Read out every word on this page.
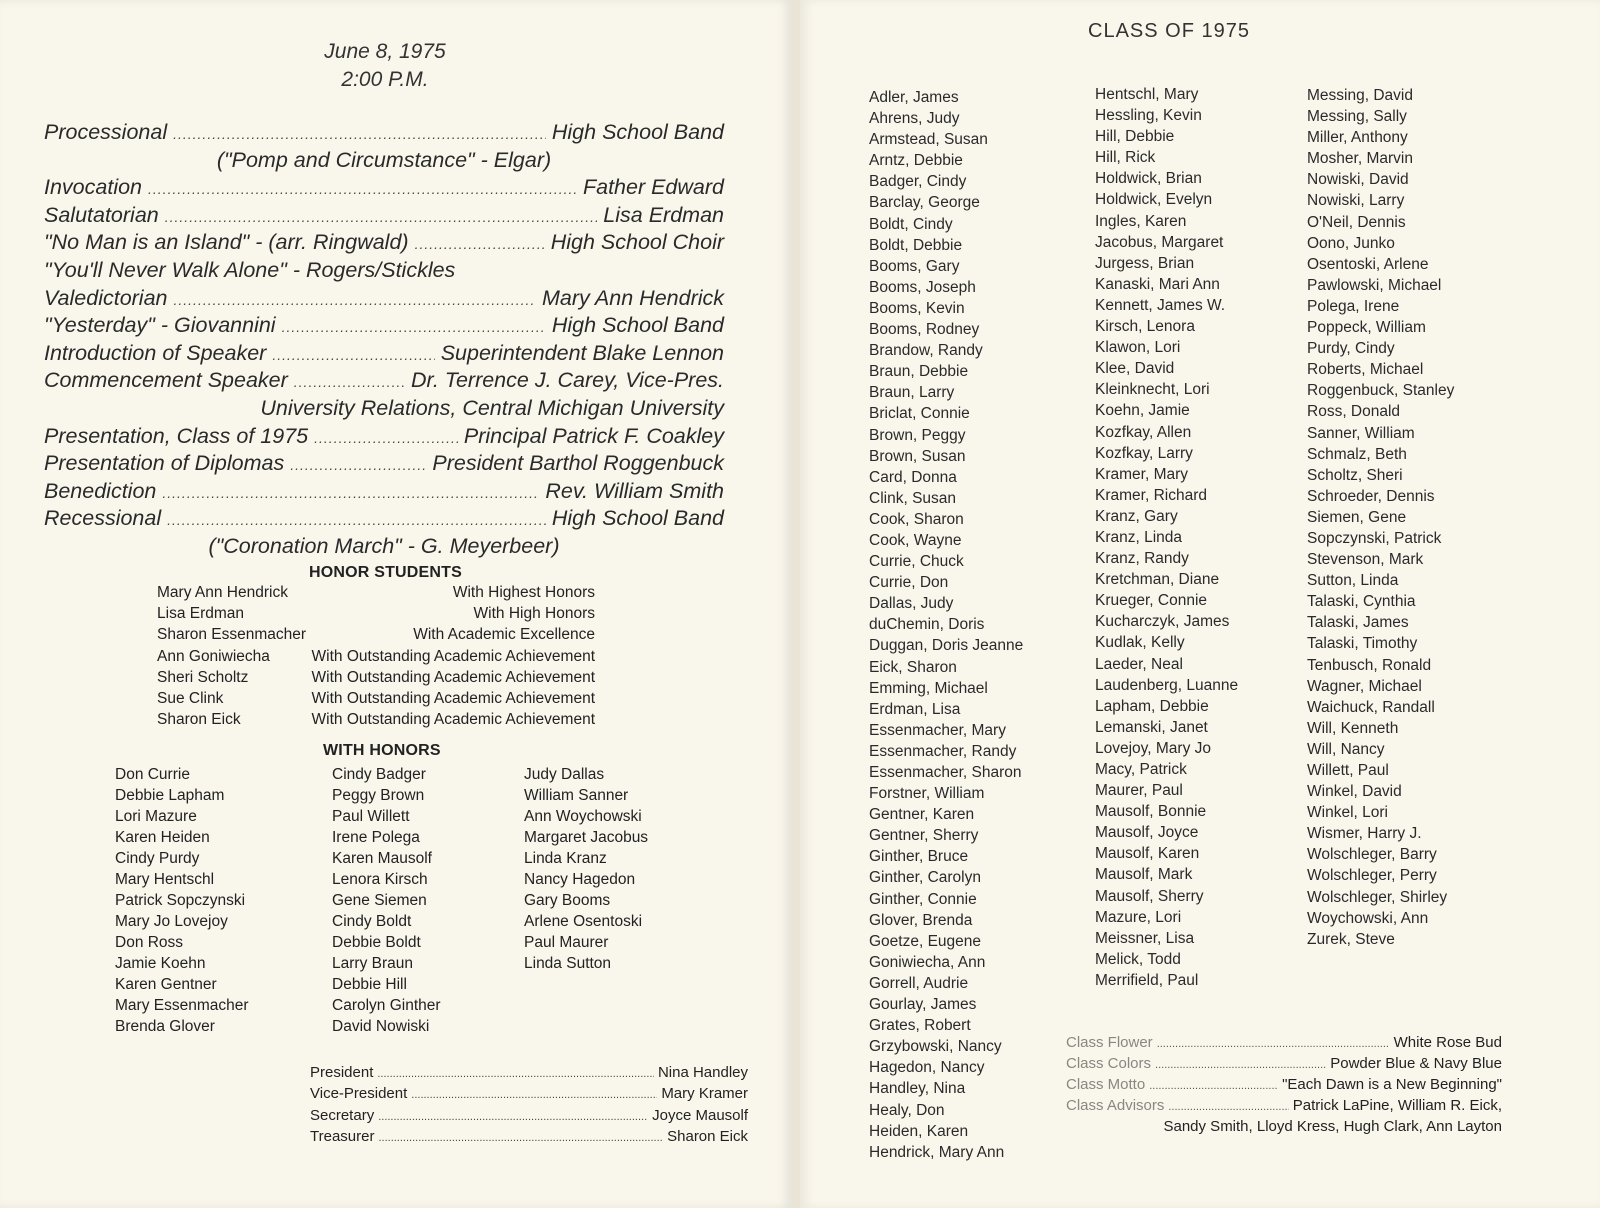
June 8, 1975
2:00 P.M.
Processional .....	High School Band
("Pomp and Circumstance" - Elgar)
Invocation .....	Father Edward
Salutatorian .....	Lisa Erdman
"No Man is an Island" - (arr. Ringwald) .....	High School Choir
"You'll Never Walk Alone" - Rogers/Stickles
Valedictorian .....	Mary Ann Hendrick
"Yesterday" - Giovannini .....	High School Band
Introduction of Speaker .....	Superintendent Blake Lennon
Commencement Speaker .....	Dr. Terrence J. Carey, Vice-Pres.
University Relations, Central Michigan University
Presentation, Class of 1975 .....	Principal Patrick F. Coakley
Presentation of Diplomas .....	President Barthol Roggenbuck
Benediction .....	Rev. William Smith
Recessional .....	High School Band
("Coronation March" - G. Meyerbeer)
HONOR STUDENTS
Mary Ann Hendrick	With Highest Honors
Lisa Erdman	With High Honors
Sharon Essenmacher	With Academic Excellence
Ann Goniwiecha	With Outstanding Academic Achievement
Sheri Scholtz	With Outstanding Academic Achievement
Sue Clink	With Outstanding Academic Achievement
Sharon Eick	With Outstanding Academic Achievement
WITH HONORS
Don Currie
Debbie Lapham
Lori Mazure
Karen Heiden
Cindy Purdy
Mary Hentschl
Patrick Sopczynski
Mary Jo Lovejoy
Don Ross
Jamie Koehn
Karen Gentner
Mary Essenmacher
Brenda Glover
Cindy Badger
Peggy Brown
Paul Willett
Irene Polega
Karen Mausolf
Lenora Kirsch
Gene Siemen
Cindy Boldt
Debbie Boldt
Larry Braun
Debbie Hill
Carolyn Ginther
David Nowiski
Judy Dallas
William Sanner
Ann Woychowski
Margaret Jacobus
Linda Kranz
Nancy Hagedon
Gary Booms
Arlene Osentoski
Paul Maurer
Linda Sutton
President .....	Nina Handley
Vice-President .....	Mary Kramer
Secretary .....	Joyce Mausolf
Treasurer .....	Sharon Eick
CLASS OF 1975
Adler, James
Ahrens, Judy
Armstead, Susan
Arntz, Debbie
Badger, Cindy
Barclay, George
Boldt, Cindy
Boldt, Debbie
Booms, Gary
Booms, Joseph
Booms, Kevin
Booms, Rodney
Brandow, Randy
Braun, Debbie
Braun, Larry
Briclat, Connie
Brown, Peggy
Brown, Susan
Card, Donna
Clink, Susan
Cook, Sharon
Cook, Wayne
Currie, Chuck
Currie, Don
Dallas, Judy
duChemin, Doris
Duggan, Doris Jeanne
Eick, Sharon
Emming, Michael
Erdman, Lisa
Essenmacher, Mary
Essenmacher, Randy
Essenmacher, Sharon
Forstner, William
Gentner, Karen
Gentner, Sherry
Ginther, Bruce
Ginther, Carolyn
Ginther, Connie
Glover, Brenda
Goetze, Eugene
Goniwiecha, Ann
Gorrell, Audrie
Gourlay, James
Grates, Robert
Grzybowski, Nancy
Hagedon, Nancy
Handley, Nina
Healy, Don
Heiden, Karen
Hendrick, Mary Ann
Hentschl, Mary
Hessling, Kevin
Hill, Debbie
Hill, Rick
Holdwick, Brian
Holdwick, Evelyn
Ingles, Karen
Jacobus, Margaret
Jurgess, Brian
Kanaski, Mari Ann
Kennett, James W.
Kirsch, Lenora
Klawon, Lori
Klee, David
Kleinknecht, Lori
Koehn, Jamie
Kozfkay, Allen
Kozfkay, Larry
Kramer, Mary
Kramer, Richard
Kranz, Gary
Kranz, Linda
Kranz, Randy
Kretchman, Diane
Krueger, Connie
Kucharczyk, James
Kudlak, Kelly
Laeder, Neal
Laudenberg, Luanne
Lapham, Debbie
Lemanski, Janet
Lovejoy, Mary Jo
Macy, Patrick
Maurer, Paul
Mausolf, Bonnie
Mausolf, Joyce
Mausolf, Karen
Mausolf, Mark
Mausolf, Sherry
Mazure, Lori
Meissner, Lisa
Melick, Todd
Merrifield, Paul
Messing, David
Messing, Sally
Miller, Anthony
Mosher, Marvin
Nowiski, David
Nowiski, Larry
O'Neil, Dennis
Oono, Junko
Osentoski, Arlene
Pawlowski, Michael
Polega, Irene
Poppeck, William
Purdy, Cindy
Roberts, Michael
Roggenbuck, Stanley
Ross, Donald
Sanner, William
Schmalz, Beth
Scholtz, Sheri
Schroeder, Dennis
Siemen, Gene
Sopczynski, Patrick
Stevenson, Mark
Sutton, Linda
Talaski, Cynthia
Talaski, James
Talaski, Timothy
Tenbusch, Ronald
Wagner, Michael
Waichuck, Randall
Will, Kenneth
Will, Nancy
Willett, Paul
Winkel, David
Winkel, Lori
Wismer, Harry J.
Wolschleger, Barry
Wolschleger, Perry
Wolschleger, Shirley
Woychowski, Ann
Zurek, Steve
Class Flower .....	White Rose Bud
Class Colors .....	Powder Blue & Navy Blue
Class Motto .....	"Each Dawn is a New Beginning"
Class Advisors .....	Patrick LaPine, William R. Eick,
Sandy Smith, Lloyd Kress, Hugh Clark, Ann Layton
